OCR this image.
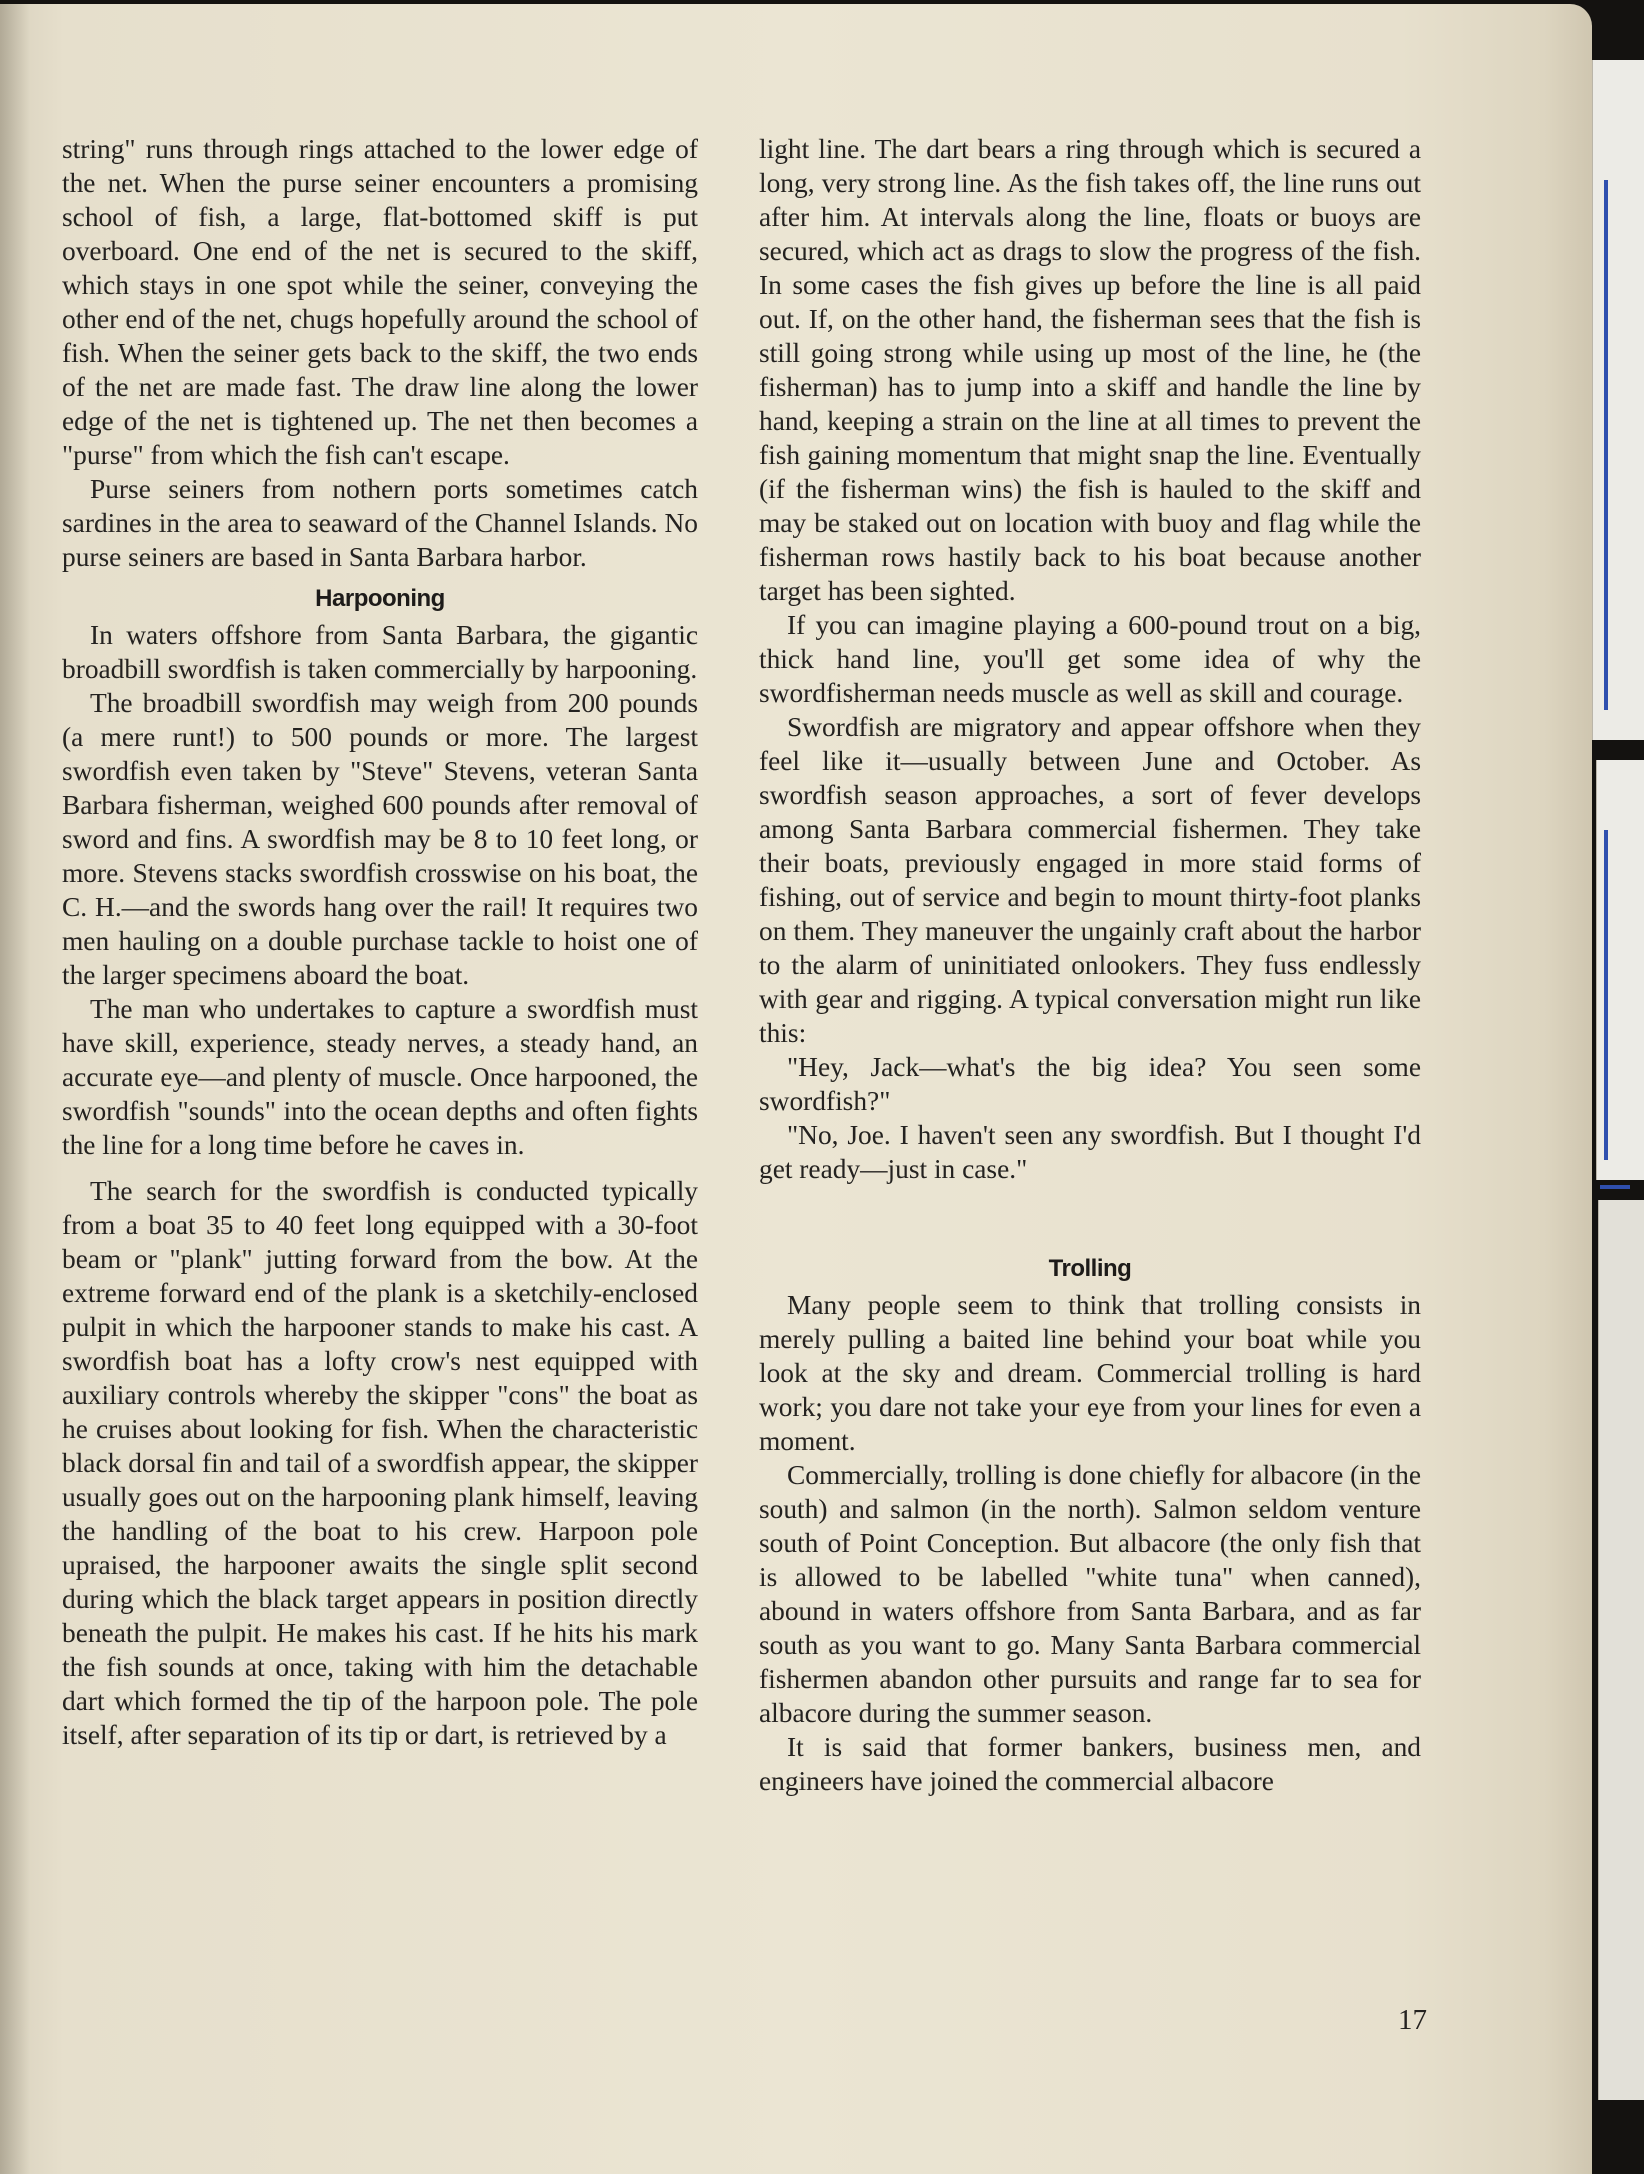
string" runs through rings attached to the lower edge of the net. When the purse seiner encounters a promising school of fish, a large, flat-bottomed skiff is put overboard. One end of the net is secured to the skiff, which stays in one spot while the seiner, conveying the other end of the net, chugs hopefully around the school of fish. When the seiner gets back to the skiff, the two ends of the net are made fast. The draw line along the lower edge of the net is tightened up. The net then becomes a "purse" from which the fish can't escape.

Purse seiners from nothern ports sometimes catch sardines in the area to seaward of the Channel Islands. No purse seiners are based in Santa Barbara harbor.

Harpooning

In waters offshore from Santa Barbara, the gigantic broadbill swordfish is taken commercially by harpooning.

The broadbill swordfish may weigh from 200 pounds (a mere runt!) to 500 pounds or more. The largest swordfish even taken by "Steve" Stevens, veteran Santa Barbara fisherman, weighed 600 pounds after removal of sword and fins. A swordfish may be 8 to 10 feet long, or more. Stevens stacks swordfish crosswise on his boat, the C. H.—and the swords hang over the rail! It requires two men hauling on a double purchase tackle to hoist one of the larger specimens aboard the boat.

The man who undertakes to capture a swordfish must have skill, experience, steady nerves, a steady hand, an accurate eye—and plenty of muscle. Once harpooned, the swordfish "sounds" into the ocean depths and often fights the line for a long time before he caves in.

The search for the swordfish is conducted typically from a boat 35 to 40 feet long equipped with a 30-foot beam or "plank" jutting forward from the bow. At the extreme forward end of the plank is a sketchily-enclosed pulpit in which the harpooner stands to make his cast. A swordfish boat has a lofty crow's nest equipped with auxiliary controls whereby the skipper "cons" the boat as he cruises about looking for fish. When the characteristic black dorsal fin and tail of a swordfish appear, the skipper usually goes out on the harpooning plank himself, leaving the handling of the boat to his crew. Harpoon pole upraised, the harpooner awaits the single split second during which the black target appears in position directly beneath the pulpit. He makes his cast. If he hits his mark the fish sounds at once, taking with him the detachable dart which formed the tip of the harpoon pole. The pole itself, after separation of its tip or dart, is retrieved by a

light line. The dart bears a ring through which is secured a long, very strong line. As the fish takes off, the line runs out after him. At intervals along the line, floats or buoys are secured, which act as drags to slow the progress of the fish. In some cases the fish gives up before the line is all paid out. If, on the other hand, the fisherman sees that the fish is still going strong while using up most of the line, he (the fisherman) has to jump into a skiff and handle the line by hand, keeping a strain on the line at all times to prevent the fish gaining momentum that might snap the line. Eventually (if the fisherman wins) the fish is hauled to the skiff and may be staked out on location with buoy and flag while the fisherman rows hastily back to his boat because another target has been sighted.

If you can imagine playing a 600-pound trout on a big, thick hand line, you'll get some idea of why the swordfisherman needs muscle as well as skill and courage.

Swordfish are migratory and appear offshore when they feel like it—usually between June and October. As swordfish season approaches, a sort of fever develops among Santa Barbara commercial fishermen. They take their boats, previously engaged in more staid forms of fishing, out of service and begin to mount thirty-foot planks on them. They maneuver the ungainly craft about the harbor to the alarm of uninitiated onlookers. They fuss endlessly with gear and rigging. A typical conversation might run like this:

"Hey, Jack—what's the big idea? You seen some swordfish?"

"No, Joe. I haven't seen any swordfish. But I thought I'd get ready—just in case."

Trolling

Many people seem to think that trolling consists in merely pulling a baited line behind your boat while you look at the sky and dream. Commercial trolling is hard work; you dare not take your eye from your lines for even a moment.

Commercially, trolling is done chiefly for albacore (in the south) and salmon (in the north). Salmon seldom venture south of Point Conception. But albacore (the only fish that is allowed to be labelled "white tuna" when canned), abound in waters offshore from Santa Barbara, and as far south as you want to go. Many Santa Barbara commercial fishermen abandon other pursuits and range far to sea for albacore during the summer season.

It is said that former bankers, business men, and engineers have joined the commercial albacore

17
